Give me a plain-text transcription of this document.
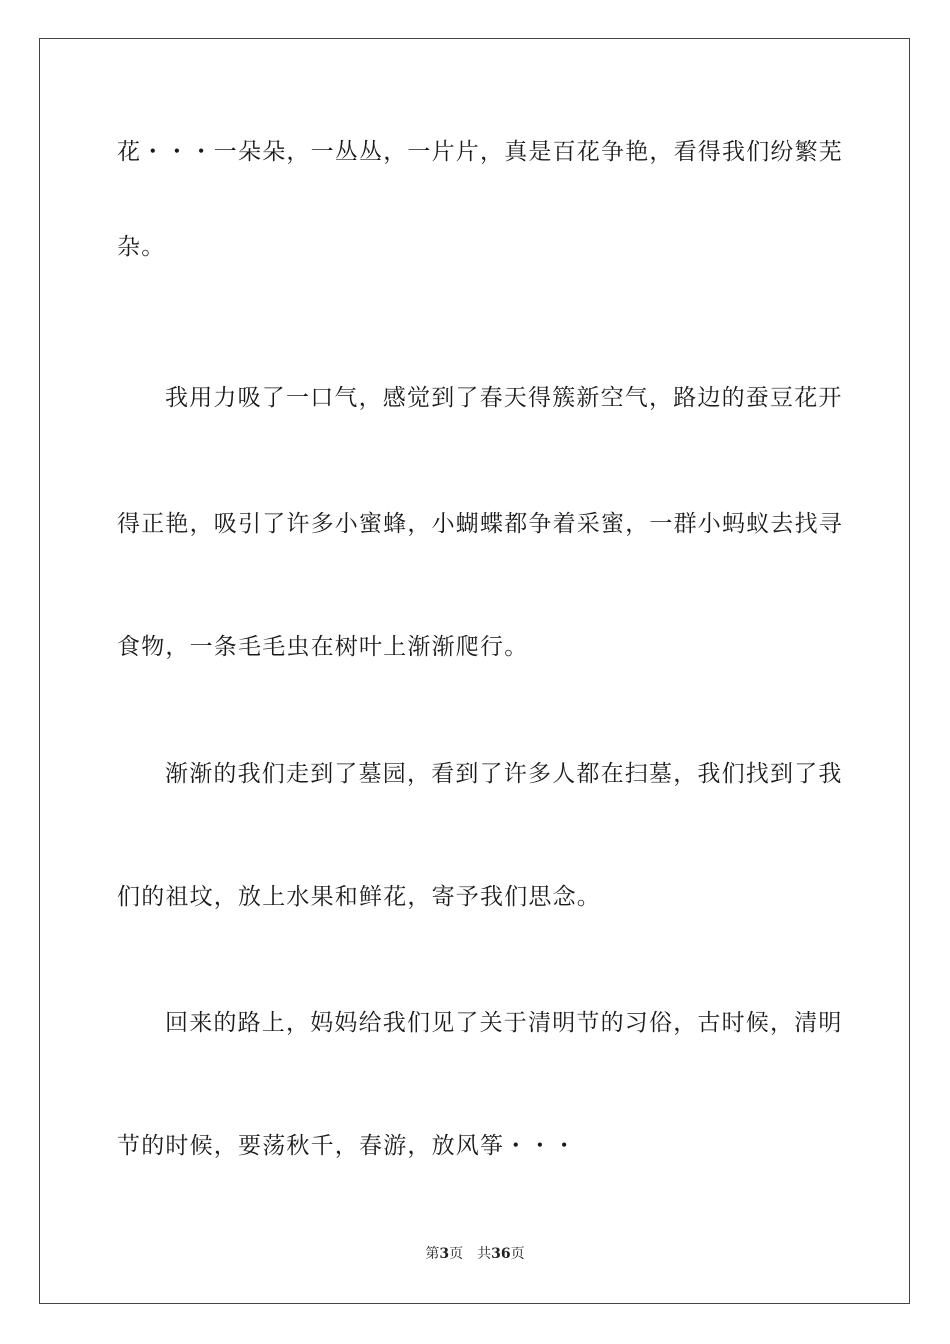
花・・・一朵朵，一丛丛，一片片，真是百花争艳，看得我们纷繁芜
杂。
我用力吸了一口气，感觉到了春天得簇新空气，路边的蚕豆花开
得正艳，吸引了许多小蜜蜂，小蝴蝶都争着采蜜，一群小蚂蚁去找寻
食物，一条毛毛虫在树叶上渐渐爬行。
渐渐的我们走到了墓园，看到了许多人都在扫墓，我们找到了我
们的祖坟，放上水果和鲜花，寄予我们思念。
回来的路上，妈妈给我们见了关于清明节的习俗，古时候，清明
节的时候，要荡秋千，春游，放风筝・・・
第3页 共36页
